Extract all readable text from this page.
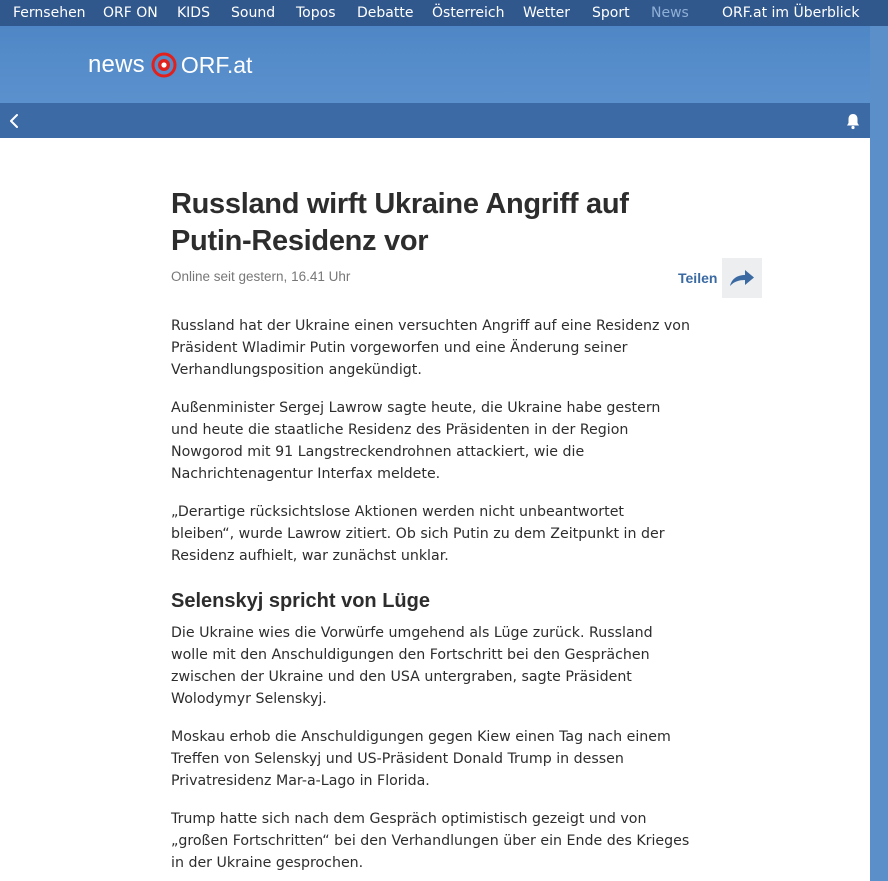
Fernsehen ORF ON KIDS Sound Topos Debatte Österreich Wetter Sport News ORF.at im Überblick
news ORF.at
Russland wirft Ukraine Angriff auf Putin-Residenz vor
Online seit gestern, 16.41 Uhr	Teilen

Russland hat der Ukraine einen versuchten Angriff auf eine Residenz von Präsident Wladimir Putin vorgeworfen und eine Änderung seiner Verhandlungsposition angekündigt.

Außenminister Sergej Lawrow sagte heute, die Ukraine habe gestern und heute die staatliche Residenz des Präsidenten in der Region Nowgorod mit 91 Langstreckendrohnen attackiert, wie die Nachrichtenagentur Interfax meldete.

„Derartige rücksichtslose Aktionen werden nicht unbeantwortet bleiben“, wurde Lawrow zitiert. Ob sich Putin zu dem Zeitpunkt in der Residenz aufhielt, war zunächst unklar.

Selenskyj spricht von Lüge

Die Ukraine wies die Vorwürfe umgehend als Lüge zurück. Russland wolle mit den Anschuldigungen den Fortschritt bei den Gesprächen zwischen der Ukraine und den USA untergraben, sagte Präsident Wolodymyr Selenskyj.

Moskau erhob die Anschuldigungen gegen Kiew einen Tag nach einem Treffen von Selenskyj und US-Präsident Donald Trump in dessen Privatresidenz Mar-a-Lago in Florida.

Trump hatte sich nach dem Gespräch optimistisch gezeigt und von „großen Fortschritten“ bei den Verhandlungen über ein Ende des Krieges in der Ukraine gesprochen.
